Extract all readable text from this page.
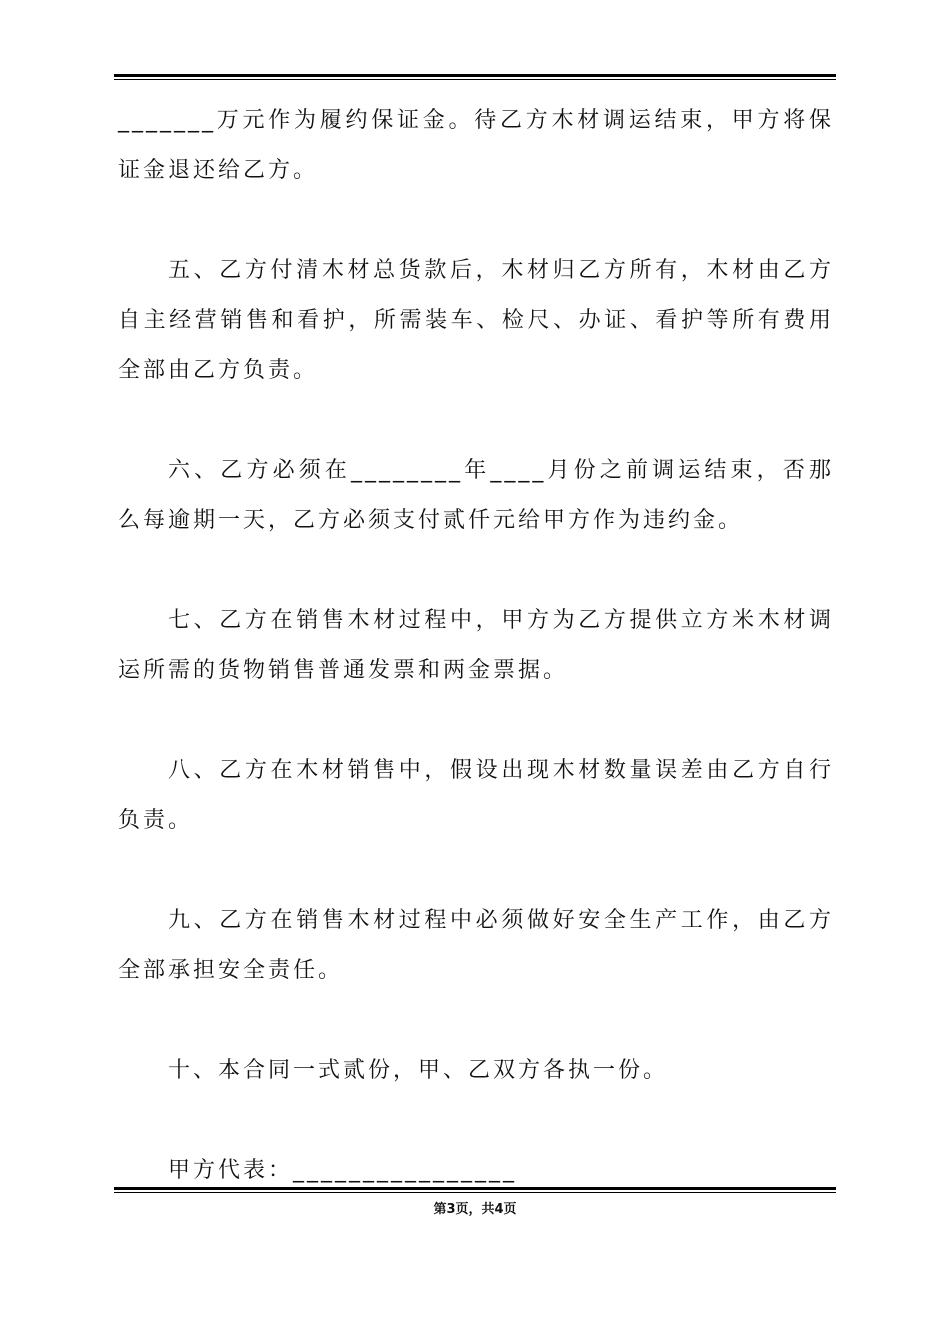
_______万元作为履约保证金。待乙方木材调运结束，甲方将保证金退还给乙方。

五、乙方付清木材总货款后，木材归乙方所有，木材由乙方自主经营销售和看护，所需装车、检尺、办证、看护等所有费用全部由乙方负责。

六、乙方必须在________年____月份之前调运结束，否那么每逾期一天，乙方必须支付贰仟元给甲方作为违约金。

七、乙方在销售木材过程中，甲方为乙方提供立方米木材调运所需的货物销售普通发票和两金票据。

八、乙方在木材销售中，假设出现木材数量误差由乙方自行负责。

九、乙方在销售木材过程中必须做好安全生产工作，由乙方全部承担安全责任。

十、本合同一式贰份，甲、乙双方各执一份。

甲方代表：________________

第3页，共4页
